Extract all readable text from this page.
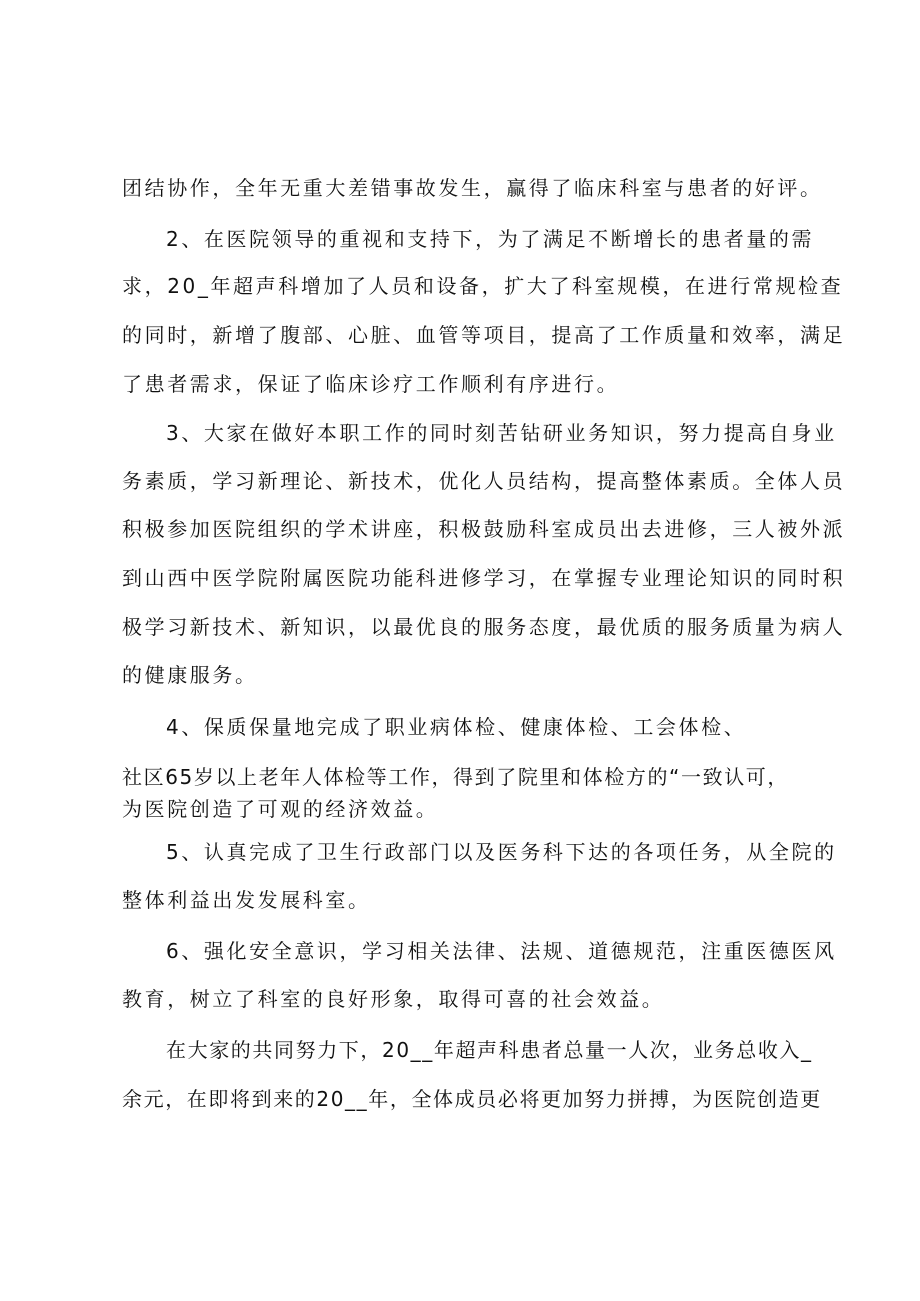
团结协作，全年无重大差错事故发生，赢得了临床科室与患者的好评。
2、在医院领导的重视和支持下，为了满足不断增长的患者量的需
求，20_年超声科增加了人员和设备，扩大了科室规模，在进行常规检查
的同时，新增了腹部、心脏、血管等项目，提高了工作质量和效率，满足
了患者需求，保证了临床诊疗工作顺利有序进行。
3、大家在做好本职工作的同时刻苦钻研业务知识，努力提高自身业
务素质，学习新理论、新技术，优化人员结构，提高整体素质。全体人员
积极参加医院组织的学术讲座，积极鼓励科室成员出去进修，三人被外派
到山西中医学院附属医院功能科进修学习，在掌握专业理论知识的同时积
极学习新技术、新知识，以最优良的服务态度，最优质的服务质量为病人
的健康服务。
4、保质保量地完成了职业病体检、健康体检、工会体检、
社区65岁以上老年人体检等工作，得到了院里和体检方的“一致认可，
为医院创造了可观的经济效益。
5、认真完成了卫生行政部门以及医务科下达的各项任务，从全院的
整体利益出发发展科室。
6、强化安全意识，学习相关法律、法规、道德规范，注重医德医风
教育，树立了科室的良好形象，取得可喜的社会效益。
在大家的共同努力下，20__年超声科患者总量一人次，业务总收入_
余元，在即将到来的20__年，全体成员必将更加努力拼搏，为医院创造更
